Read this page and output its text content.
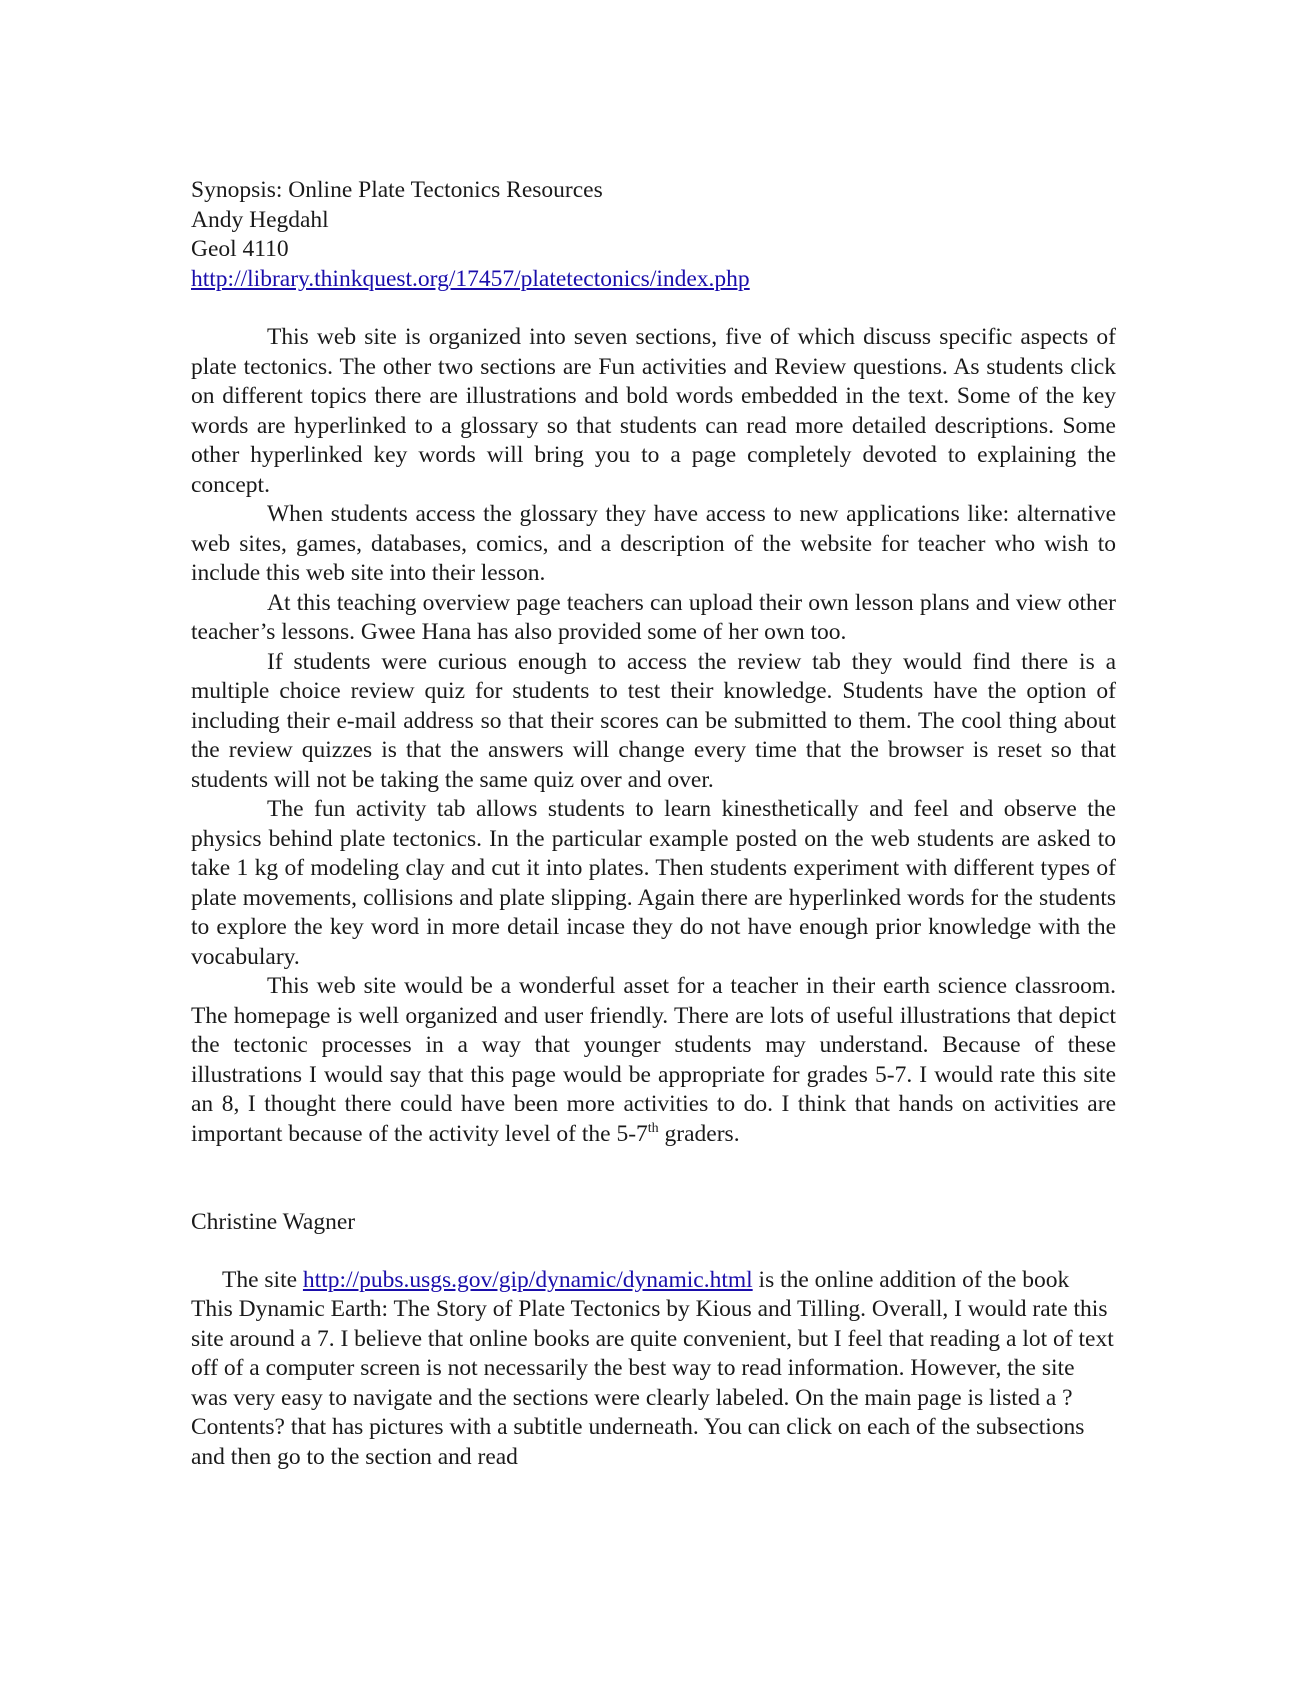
Synopsis: Online Plate Tectonics Resources
Andy Hegdahl
Geol 4110
http://library.thinkquest.org/17457/platetectonics/index.php

This web site is organized into seven sections, five of which discuss specific aspects of plate tectonics. The other two sections are Fun activities and Review questions. As students click on different topics there are illustrations and bold words embedded in the text. Some of the key words are hyperlinked to a glossary so that students can read more detailed descriptions. Some other hyperlinked key words will bring you to a page completely devoted to explaining the concept.

When students access the glossary they have access to new applications like: alternative web sites, games, databases, comics, and a description of the website for teacher who wish to include this web site into their lesson.

At this teaching overview page teachers can upload their own lesson plans and view other teacher’s lessons. Gwee Hana has also provided some of her own too.

If students were curious enough to access the review tab they would find there is a multiple choice review quiz for students to test their knowledge. Students have the option of including their e-mail address so that their scores can be submitted to them. The cool thing about the review quizzes is that the answers will change every time that the browser is reset so that students will not be taking the same quiz over and over.

The fun activity tab allows students to learn kinesthetically and feel and observe the physics behind plate tectonics. In the particular example posted on the web students are asked to take 1 kg of modeling clay and cut it into plates. Then students experiment with different types of plate movements, collisions and plate slipping. Again there are hyperlinked words for the students to explore the key word in more detail incase they do not have enough prior knowledge with the vocabulary.

This web site would be a wonderful asset for a teacher in their earth science classroom. The homepage is well organized and user friendly. There are lots of useful illustrations that depict the tectonic processes in a way that younger students may understand. Because of these illustrations I would say that this page would be appropriate for grades 5-7. I would rate this site an 8, I thought there could have been more activities to do. I think that hands on activities are important because of the activity level of the 5-7th graders.

Christine Wagner

The site http://pubs.usgs.gov/gip/dynamic/dynamic.html is the online addition of the book This Dynamic Earth: The Story of Plate Tectonics by Kious and Tilling. Overall, I would rate this site around a 7. I believe that online books are quite convenient, but I feel that reading a lot of text off of a computer screen is not necessarily the best way to read information. However, the site was very easy to navigate and the sections were clearly labeled. On the main page is listed a ?Contents? that has pictures with a subtitle underneath. You can click on each of the subsections and then go to the section and read
